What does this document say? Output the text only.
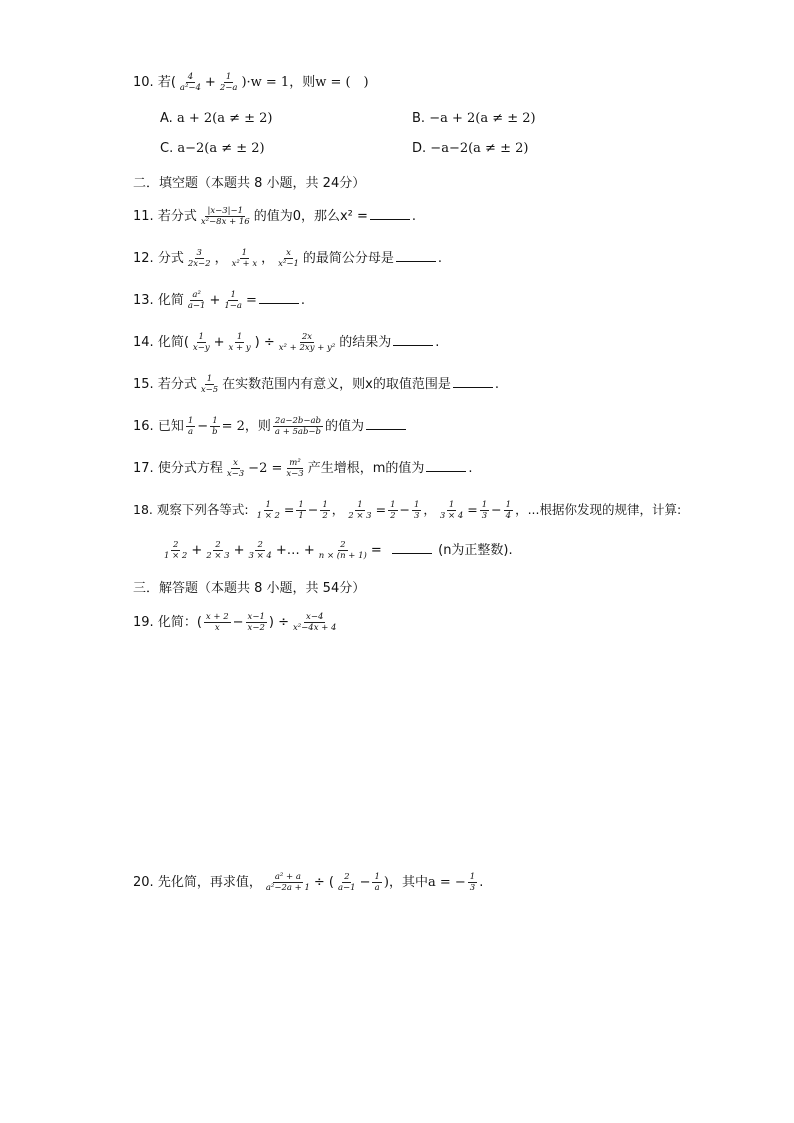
10. 若( $\frac{4}{\text{a²−4}} + \frac{1}{2-a} )\cdot w = 1$，则w = (　)
A. a + 2(a ≠ ± 2)	B. −a + 2(a ≠ ± 2)
C. a−2(a ≠ ± 2)	D. −a−2(a ≠ ± 2)
二．填空题（本题共 8 小题，共 24分）
11. 若分式 $\frac{|x-3|-1}{\text{x²−8x + 16}}$ 的值为0，那么x² =	.
12. 分式 $\frac{3}{2x-2}$ ， $\frac{1}{\text{x² + x}}$ ， $\frac{x}{\text{x²−1}}$ 的最简公分母是	.
13. 化简 $\frac{\text{a²}}{a-1} + \frac{1}{1-a}$ =	.
14. 化简( $\frac{1}{x-y} + \frac{1}{x + y}$ ) ÷ $\frac{2x}{\text{x² + 2xy + y²}}$ 的结果为	.
15. 若分式 $\frac{1}{x-5}$ 在实数范围内有意义，则x的取值范围是	.
16. 已知 $\frac{1}{a} - \frac{1}{b} = 2$，则 $\frac{2a-2b-ab}{a + 5ab-b}$ 的值为
17. 使分式方程 $\frac{x}{x-3} -2 = \frac{\text{m²}}{x-3}$ 产生增根，m的值为	.
18. 观察下列各等式: $\frac{1}{1 \times 2} = \frac{1}{1} - \frac{1}{2}$ ， $\frac{1}{2 \times 3} = \frac{1}{2} - \frac{1}{3}$ ， $\frac{1}{3 \times 4} = \frac{1}{3} - \frac{1}{4}$ ，...根据你发现的规律，计算:
$\frac{2}{1 \times 2} + \frac{2}{2 \times 3} + \frac{2}{3 \times 4}$ +… + $\frac{2}{n \times (n + 1)}$ =	(n为正整数).
三．解答题（本题共 8 小题，共 54分）
19. 化简：( $\frac{x + 2}{x} - \frac{x-1}{x-2}$ ) ÷ $\frac{x-4}{\text{x²−4x + 4}}$
20. 先化简，再求值， $\frac{\text{a² + a}}{\text{a²−2a + 1}}$ ÷ ( $\frac{2}{a-1} - \frac{1}{a}$ )，其中a = − $\frac{1}{3}$ .
